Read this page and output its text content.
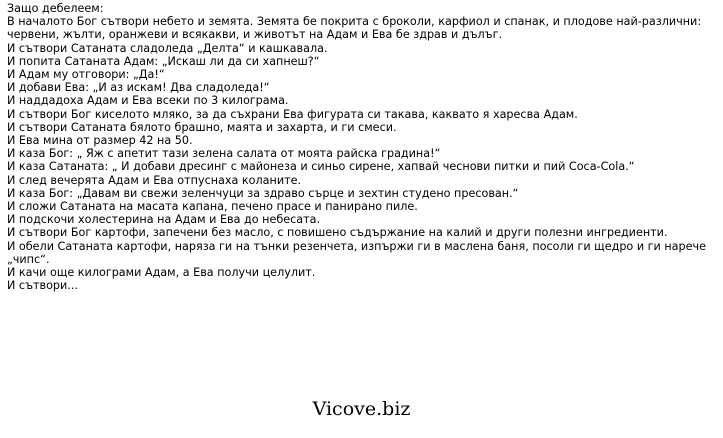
Защо дебелеем:

В началото Бог сътвори небето и земята. Земята бе покрита с броколи, карфиол и спанак, и плодове най-различни: червени, жълти, оранжеви и всякакви, и животът на Адам и Ева бе здрав и дълъг.

И сътвори Сатаната сладоледа „Делта“ и кашкавала.

И попита Сатаната Адам: „Искаш ли да си хапнеш?“

И Адам му отговори: „Да!“

И добави Ева: „И аз искам! Два сладоледа!“

И наддадоха Адам и Ева всеки по 3 килограма.

И сътвори Бог киселото мляко, за да съхрани Ева фигурата си такава, каквато я харесва Адам.

И сътвори Сатаната бялото брашно, маята и захарта, и ги смеси.

И Ева мина от размер 42 на 50.

И каза Бог: „ Яж с апетит тази зелена салата от моята райска градина!“

И каза Сатаната: „ И добави дресинг с майонеза и синьо сирене, хапвай чеснови питки и пий Coca-Cola.“

И след вечерята Адам и Ева отпуснаха коланите.

И каза Бог: „Давам ви свежи зеленчуци за здраво сърце и зехтин студено пресован.“

И сложи Сатаната на масата капана, печено прасе и панирано пиле.

И подскочи холестерина на Адам и Ева до небесата.

И сътвори Бог картофи, запечени без масло, с повишено съдържание на калий и други полезни ингредиенти.

И обели Сатаната картофи, наряза ги на тънки резенчета, изпържи ги в маслена баня, посоли ги щедро и ги нарече „чипс“.

И качи още килограми Адам, а Ева получи целулит.

И сътвори...

Vicove.biz
